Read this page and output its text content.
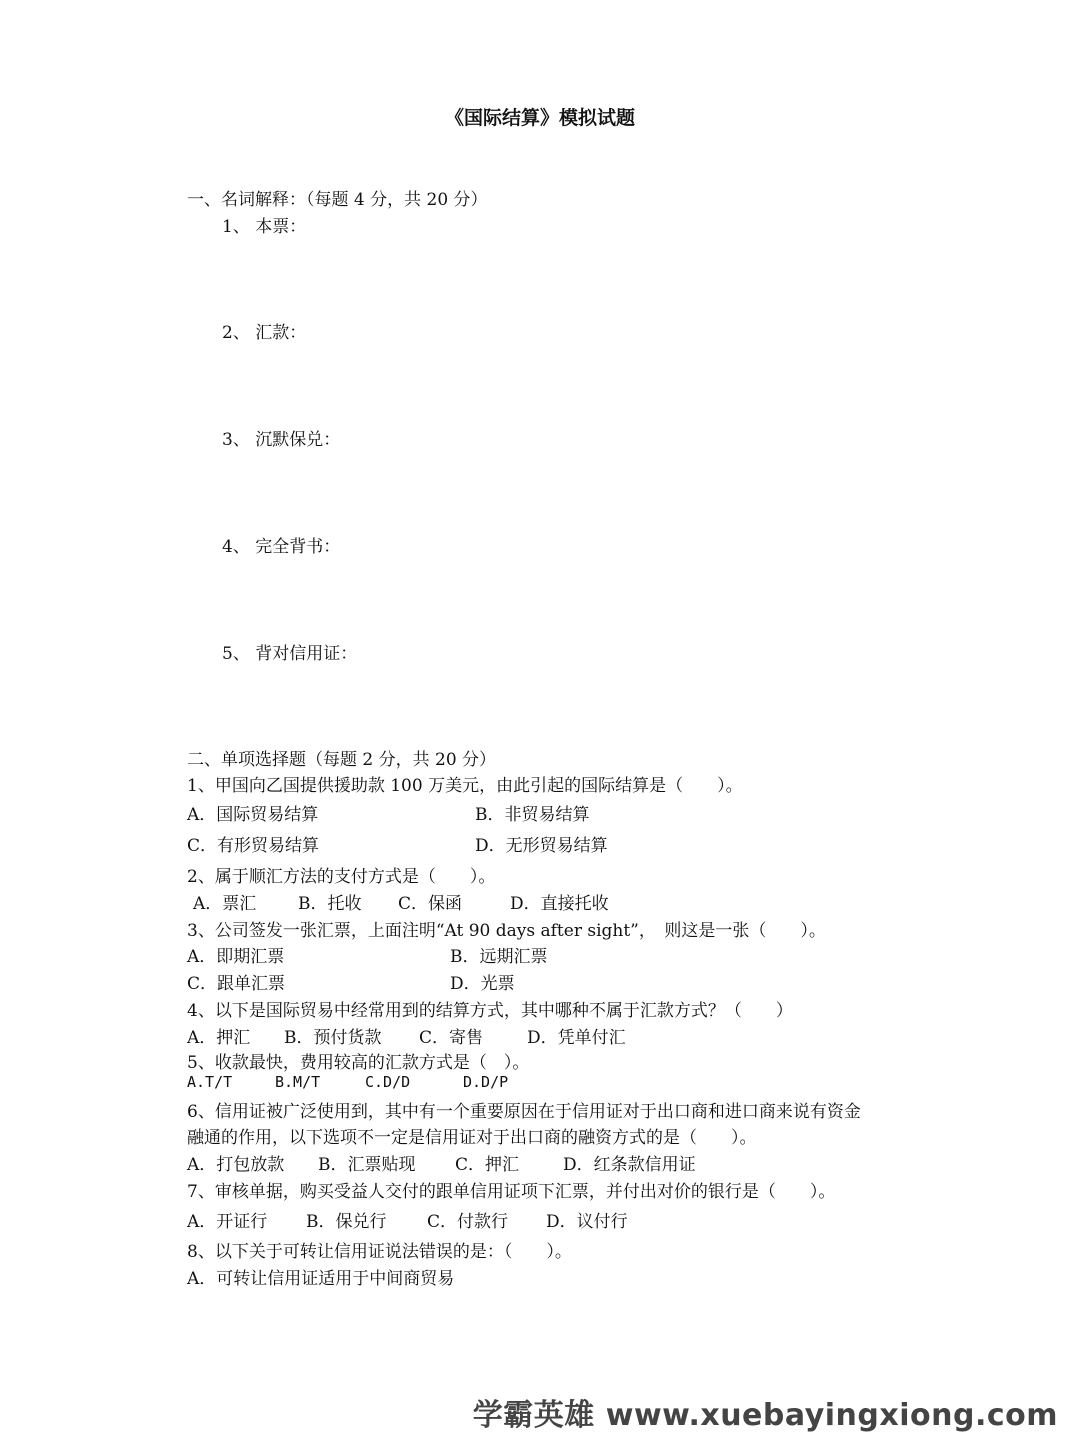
《国际结算》模拟试题
一、名词解释：（每题 4 分，共 20 分）
1、 本票：
2、 汇款：
3、 沉默保兑：
4、 完全背书：
5、 背对信用证：
二、单项选择题（每题 2 分，共 20 分）
1、甲国向乙国提供援助款 100 万美元，由此引起的国际结算是（　　）。
A．国际贸易结算	B．非贸易结算
C．有形贸易结算	D．无形贸易结算
2、属于顺汇方法的支付方式是（　　）。
A．票汇 B．托收 C．保函	D．直接托收
3、公司签发一张汇票，上面注明“At 90 days after sight”，　则这是一张（　　）。
A．即期汇票	B．远期汇票
C．跟单汇票	D．光票
4、以下是国际贸易中经常用到的结算方式，其中哪种不属于汇款方式？（　　）
A．押汇 B．预付货款 C．寄售	D．凭单付汇
5、收款最快，费用较高的汇款方式是（　）。
A.T/T	B.M/T	C.D/D	D.D/P
6、信用证被广泛使用到，其中有一个重要原因在于信用证对于出口商和进口商来说有资金
融通的作用，以下选项不一定是信用证对于出口商的融资方式的是（　　）。
A．打包放款 B．汇票贴现 C．押汇	D．红条款信用证
7、审核单据，购买受益人交付的跟单信用证项下汇票，并付出对价的银行是（　　）。
A．开证行 B．保兑行 C．付款行 D．议付行
8、以下关于可转让信用证说法错误的是：（　　）。
A．可转让信用证适用于中间商贸易
学霸英雄 www.xuebayingxiong.com
